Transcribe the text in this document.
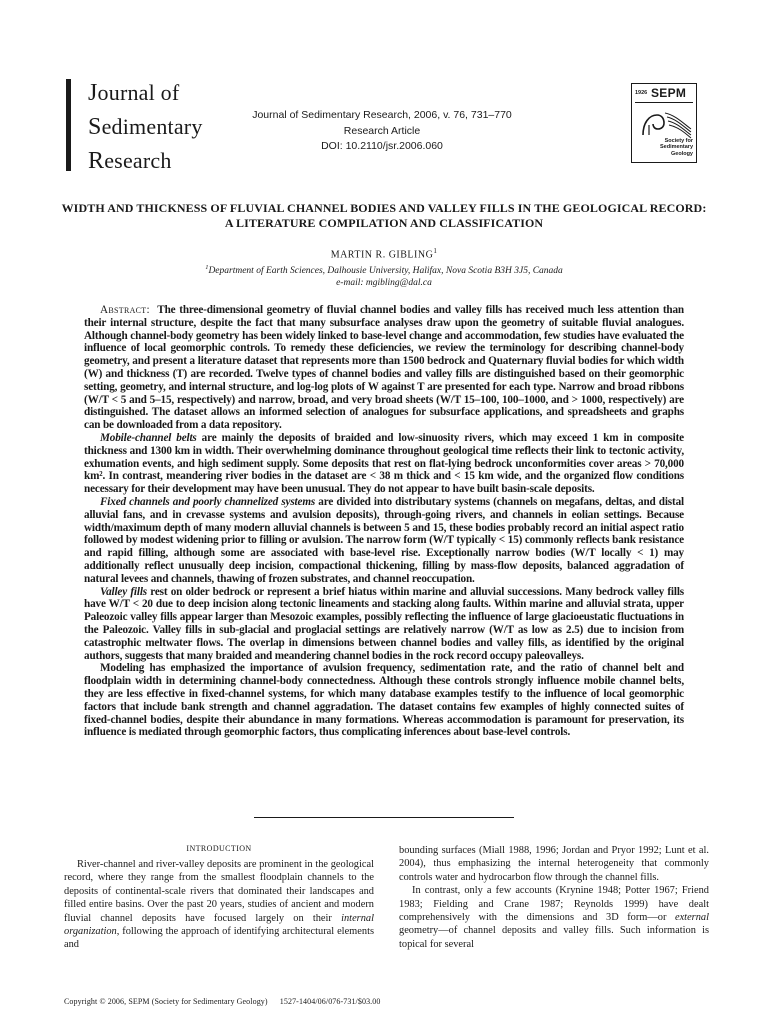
Journal of
Sedimentary
Research
Journal of Sedimentary Research, 2006, v. 76, 731–770
Research Article
DOI: 10.2110/jsr.2006.060
1926 SEPM
Society for
Sedimentary Geology
WIDTH AND THICKNESS OF FLUVIAL CHANNEL BODIES AND VALLEY FILLS IN THE GEOLOGICAL RECORD: A LITERATURE COMPILATION AND CLASSIFICATION
MARTIN R. GIBLING$^1$
$^1$Department of Earth Sciences, Dalhousie University, Halifax, Nova Scotia B3H 3J5, Canada
e-mail: mgibling@dal.ca

Abstract: The three-dimensional geometry of fluvial channel bodies and valley fills has received much less attention than their internal structure, despite the fact that many subsurface analyses draw upon the geometry of suitable fluvial analogues. Although channel-body geometry has been widely linked to base-level change and accommodation, few studies have evaluated the influence of local geomorphic controls. To remedy these deficiencies, we review the terminology for describing channel-body geometry, and present a literature dataset that represents more than 1500 bedrock and Quaternary fluvial bodies for which width (W) and thickness (T) are recorded. Twelve types of channel bodies and valley fills are distinguished based on their geomorphic setting, geometry, and internal structure, and log-log plots of W against T are presented for each type. Narrow and broad ribbons (W/T < 5 and 5–15, respectively) and narrow, broad, and very broad sheets (W/T 15–100, 100–1000, and > 1000, respectively) are distinguished. The dataset allows an informed selection of analogues for subsurface applications, and spreadsheets and graphs can be downloaded from a data repository.

Mobile-channel belts are mainly the deposits of braided and low-sinuosity rivers, which may exceed 1 km in composite thickness and 1300 km in width. Their overwhelming dominance throughout geological time reflects their link to tectonic activity, exhumation events, and high sediment supply. Some deposits that rest on flat-lying bedrock unconformities cover areas > 70,000 km². In contrast, meandering river bodies in the dataset are < 38 m thick and < 15 km wide, and the organized flow conditions necessary for their development may have been unusual. They do not appear to have built basin-scale deposits.

Fixed channels and poorly channelized systems are divided into distributary systems (channels on megafans, deltas, and distal alluvial fans, and in crevasse systems and avulsion deposits), through-going rivers, and channels in eolian settings. Because width/maximum depth of many modern alluvial channels is between 5 and 15, these bodies probably record an initial aspect ratio followed by modest widening prior to filling or avulsion. The narrow form (W/T typically < 15) commonly reflects bank resistance and rapid filling, although some are associated with base-level rise. Exceptionally narrow bodies (W/T locally < 1) may additionally reflect unusually deep incision, compactional thickening, filling by mass-flow deposits, balanced aggradation of natural levees and channels, thawing of frozen substrates, and channel reoccupation.

Valley fills rest on older bedrock or represent a brief hiatus within marine and alluvial successions. Many bedrock valley fills have W/T < 20 due to deep incision along tectonic lineaments and stacking along faults. Within marine and alluvial strata, upper Paleozoic valley fills appear larger than Mesozoic examples, possibly reflecting the influence of large glacioeustatic fluctuations in the Paleozoic. Valley fills in sub-glacial and proglacial settings are relatively narrow (W/T as low as 2.5) due to incision from catastrophic meltwater flows. The overlap in dimensions between channel bodies and valley fills, as identified by the original authors, suggests that many braided and meandering channel bodies in the rock record occupy paleovalleys.

Modeling has emphasized the importance of avulsion frequency, sedimentation rate, and the ratio of channel belt and floodplain width in determining channel-body connectedness. Although these controls strongly influence mobile channel belts, they are less effective in fixed-channel systems, for which many database examples testify to the influence of local geomorphic factors that include bank strength and channel aggradation. The dataset contains few examples of highly connected suites of fixed-channel bodies, despite their abundance in many formations. Whereas accommodation is paramount for preservation, its influence is mediated through geomorphic factors, thus complicating inferences about base-level controls.

INTRODUCTION

River-channel and river-valley deposits are prominent in the geological record, where they range from the smallest floodplain channels to the deposits of continental-scale rivers that dominated their landscapes and filled entire basins. Over the past 20 years, studies of ancient and modern fluvial channel deposits have focused largely on their internal organization, following the approach of identifying architectural elements and

bounding surfaces (Miall 1988, 1996; Jordan and Pryor 1992; Lunt et al. 2004), thus emphasizing the internal heterogeneity that commonly controls water and hydrocarbon flow through the channel fills.

In contrast, only a few accounts (Krynine 1948; Potter 1967; Friend 1983; Fielding and Crane 1987; Reynolds 1999) have dealt comprehensively with the dimensions and 3D form—or external geometry—of channel deposits and valley fills. Such information is topical for several

Copyright © 2006, SEPM (Society for Sedimentary Geology) 1527-1404/06/076-731/$03.00
